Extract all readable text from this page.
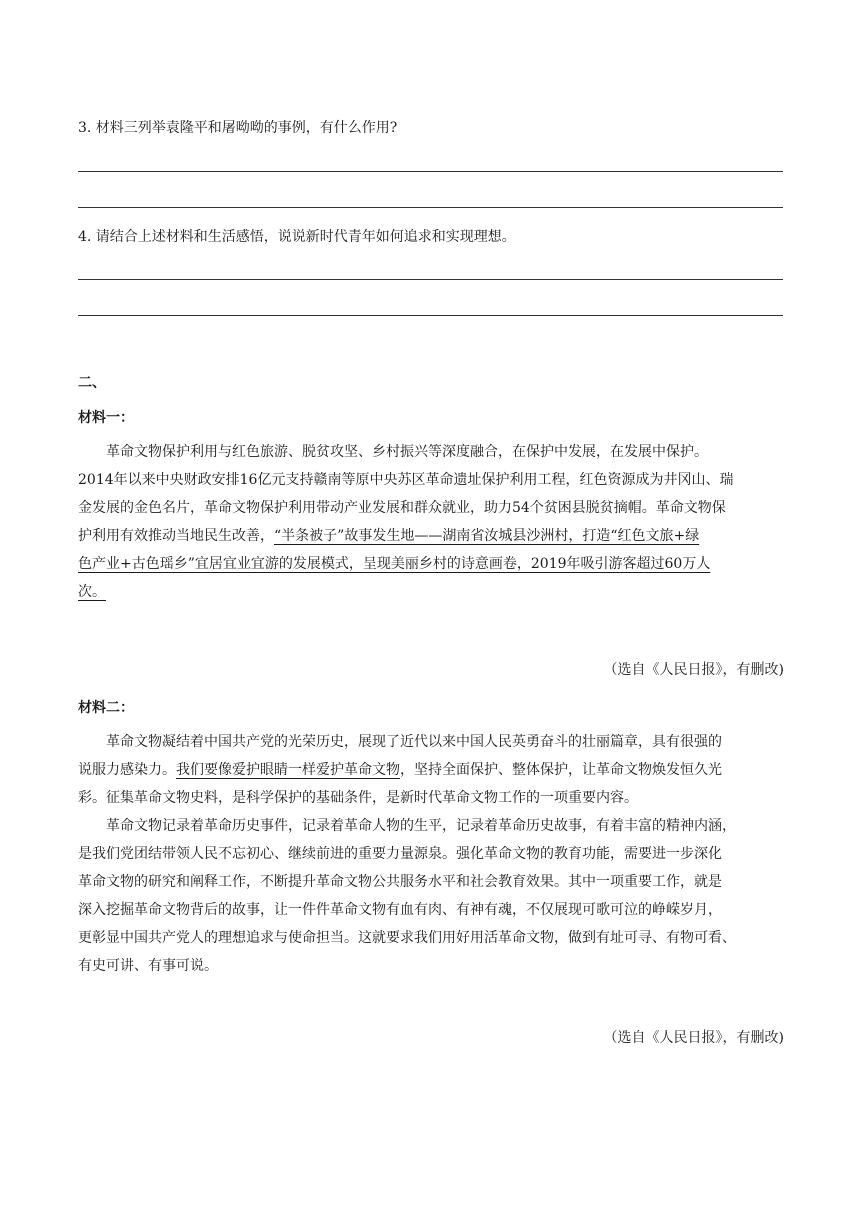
3. 材料三列举袁隆平和屠呦呦的事例，有什么作用?
4. 请结合上述材料和生活感悟，说说新时代青年如何追求和实现理想。
二、
材料一：
革命文物保护利用与红色旅游、脱贫攻坚、乡村振兴等深度融合，在保护中发展，在发展中保护。
2014年以来中央财政安排16亿元支持赣南等原中央苏区革命遗址保护利用工程，红色资源成为井冈山、瑞
金发展的金色名片，革命文物保护利用带动产业发展和群众就业，助力54个贫困县脱贫摘帽。革命文物保
护利用有效推动当地民生改善，“半条被子”故事发生地——湖南省汝城县沙洲村，打造“红色文旅+绿
色产业+古色瑶乡”宜居宜业宜游的发展模式，呈现美丽乡村的诗意画卷，2019年吸引游客超过60万人
次。
（选自《人民日报》，有删改)
材料二：
革命文物凝结着中国共产党的光荣历史，展现了近代以来中国人民英勇奋斗的壮丽篇章，具有很强的
说服力感染力。我们要像爱护眼睛一样爱护革命文物，坚持全面保护、整体保护，让革命文物焕发恒久光
彩。征集革命文物史料，是科学保护的基础条件，是新时代革命文物工作的一项重要内容。
革命文物记录着革命历史事件，记录着革命人物的生平，记录着革命历史故事，有着丰富的精神内涵，
是我们党团结带领人民不忘初心、继续前进的重要力量源泉。强化革命文物的教育功能，需要进一步深化
革命文物的研究和阐释工作，不断提升革命文物公共服务水平和社会教育效果。其中一项重要工作，就是
深入挖掘革命文物背后的故事，让一件件革命文物有血有肉、有神有魂，不仅展现可歌可泣的峥嵘岁月，
更彰显中国共产党人的理想追求与使命担当。这就要求我们用好用活革命文物，做到有址可寻、有物可看、
有史可讲、有事可说。
（选自《人民日报》，有删改)
